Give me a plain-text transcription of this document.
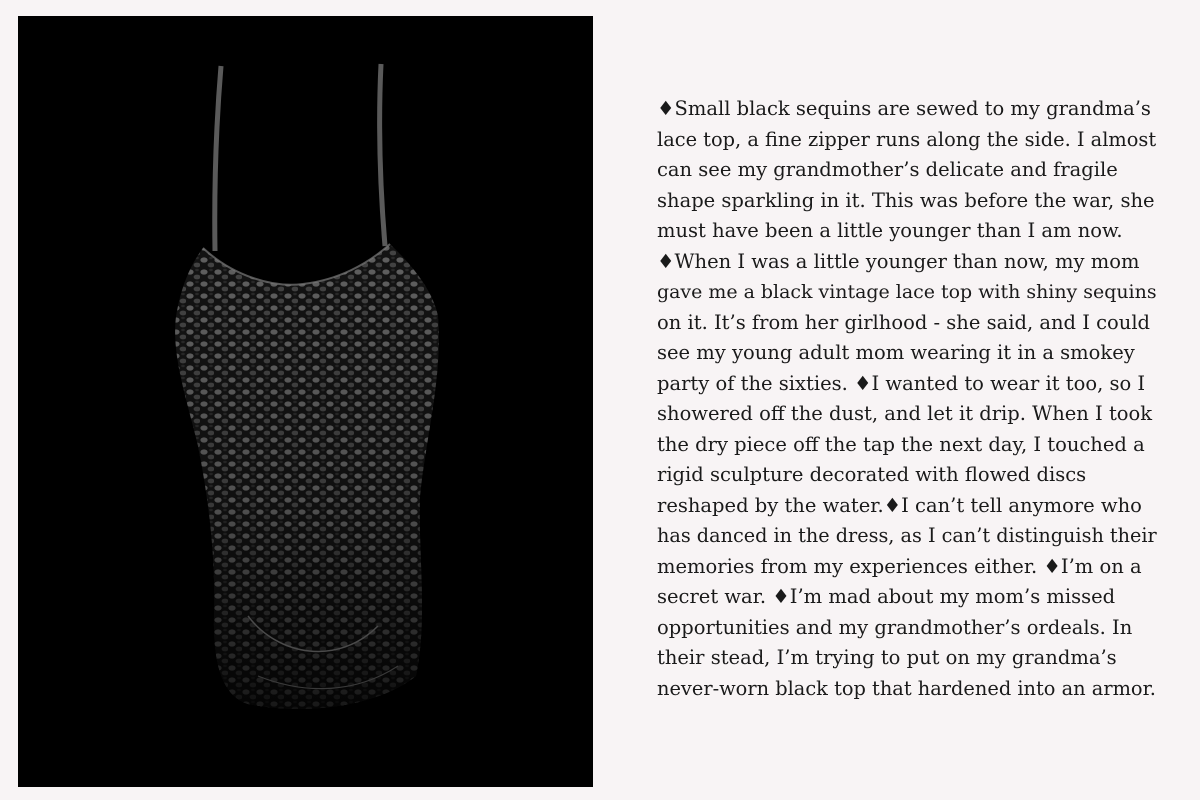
♦Small black sequins are sewed to my grandma’s
lace top, a fine zipper runs along the side. I almost
can see my grandmother’s delicate and fragile
shape sparkling in it. This was before the war, she
must have been a little younger than I am now.
♦When I was a little younger than now, my mom
gave me a black vintage lace top with shiny sequins
on it. It’s from her girlhood - she said, and I could
see my young adult mom wearing it in a smokey
party of the sixties. ♦I wanted to wear it too, so I
showered off the dust, and let it drip. When I took
the dry piece off the tap the next day, I touched a
rigid sculpture decorated with flowed discs
reshaped by the water.♦I can’t tell anymore who
has danced in the dress, as I can’t distinguish their
memories from my experiences either. ♦I’m on a
secret war. ♦I’m mad about my mom’s missed
opportunities and my grandmother’s ordeals. In
their stead, I’m trying to put on my grandma’s
never-worn black top that hardened into an armor.
